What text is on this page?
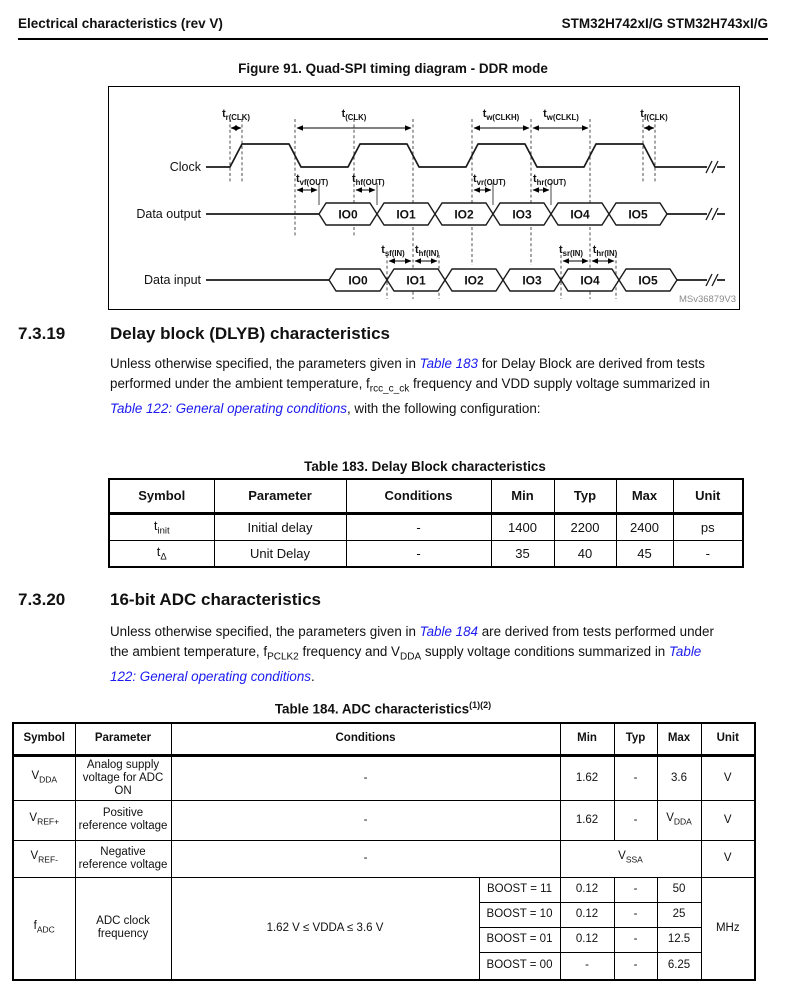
Electrical characteristics (rev V)	STM32H742xI/G STM32H743xI/G
Figure 91. Quad-SPI timing diagram - DDR mode
IO0	IO1	IO2	IO3	IO4	IO5
IO0	IO1	IO2	IO3	IO4	IO5
Clock
Data output
Data input
$t_{r(CLK)}$	$t_{(CLK)}$	$t_{w(CLKH)}$ $t_{w(CLKL)}$	$t_{f(CLK)}$
$t_{vf(OUT)}$ $t_{hf(OUT)}$	$t_{vr(OUT)}$	$t_{hr(OUT)}$
$t_{sf(IN)}$ $t_{hf(IN)}$	$t_{sr(IN)}$ $t_{hr(IN)}$
MSv36879V3
7.3.19	Delay block (DLYB) characteristics
Unless otherwise specified, the parameters given in Table 183 for Delay Block are derived from tests performed under the ambient temperature, $f_{rcc\_c\_ck}$ frequency and VDD supply voltage summarized in Table 122: General operating conditions, with the following configuration:
Table 183. Delay Block characteristics
Symbol	Parameter	Conditions	Min	Typ	Max	Unit
$t_{init}$	Initial delay	-	1400	2200	2400	ps
$t_\Delta$	Unit Delay	-	35	40	45	-
7.3.20	16-bit ADC characteristics
Unless otherwise specified, the parameters given in Table 184 are derived from tests performed under the ambient temperature, $f_{PCLK2}$ frequency and $V_{DDA}$ supply voltage conditions summarized in Table 122: General operating conditions.
Table 184. ADC characteristics$^{(1)(2)}$
Symbol	Parameter	Conditions		Min	Typ	Max	Unit
$V_{DDA}$	Analog supply voltage for ADC ON	-		1.62	-	3.6	V
$V_{REF+}$	Positive reference voltage	-		1.62	-	$V_{DDA}$	V
$V_{REF-}$	Negative reference voltage	-		$V_{SSA}$			V
$f_{ADC}$	ADC clock frequency	1.62 V ≤ VDDA ≤ 3.6 V	BOOST = 11	0.12	-	50	MHz
			BOOST = 10	0.12	-	25	
			BOOST = 01	0.12	-	12.5	
			BOOST = 00	-	-	6.25	
